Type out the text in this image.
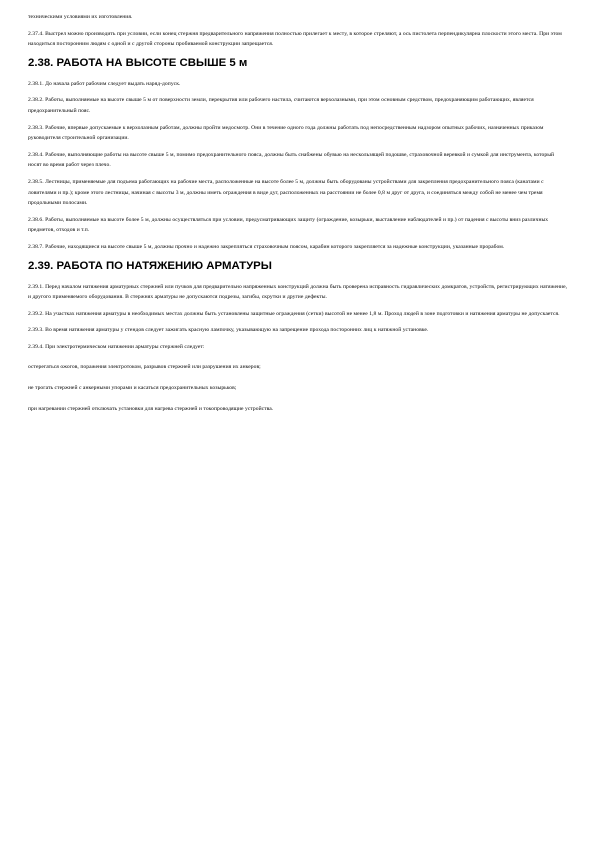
техническими условиями их изготовления.

2.37.4. Выстрел можно производить при условии, если конец стержня предварительного напряжения полностью прилегает к месту, в которое стреляют, а ось пистолета перпендикулярна плоскости этого места. При этом находиться посторонним людям с одной и с другой стороны пробиваемой конструкции запрещается.

2.38. РАБОТА НА ВЫСОТЕ СВЫШЕ 5 м

2.38.1. До начала работ рабочим следует выдать наряд-допуск.

2.38.2. Работы, выполняемые на высоте свыше 5 м от поверхности земли, перекрытия или рабочего настила, считаются верхолазными, при этом основным средством, предохраняющим работающих, является предохранительный пояс.

2.38.3. Рабочие, впервые допускаемые к верхолазным работам, должны пройти медосмотр. Они в течение одного года должны работать под непосредственным надзором опытных рабочих, назначенных приказом руководителя строительной организации.

2.38.4. Рабочие, выполняющие работы на высоте свыше 5 м, помимо предохранительного пояса, должны быть снабжены обувью на нескользящей подошве, страховочной веревкой и сумкой для инструмента, который носят во время работ через плечо.

2.38.5. Лестницы, применяемые для подъема работающих на рабочие места, расположенные на высоте более 5 м, должны быть оборудованы устройствами для закрепления предохранительного пояса (канатами с ловителями и пр.); кроме этого лестницы, начиная с высоты 3 м, должны иметь ограждения в виде дуг, расположенных на расстоянии не более 0,8 м друг от друга, и соединяться между собой не менее чем тремя продольными полосами.

2.38.6. Работы, выполняемые на высоте более 5 м, должны осуществляться при условии, предусматривающих защиту (ограждение, козырьки, выставление наблюдателей и пр.) от падения с высоты вниз различных предметов, отходов и т.п.

2.38.7. Рабочие, находящиеся на высоте свыше 5 м, должны прочно и надежно закрепляться страховочным поясом, карабин которого закрепляется за надежные конструкции, указанные прорабом.

2.39. РАБОТА ПО НАТЯЖЕНИЮ АРМАТУРЫ

2.39.1. Перед началом натяжения арматурных стержней или пучков для предварительно напряженных конструкций должна быть проверена исправность гидравлических домкратов, устройств, регистрирующих натяжение, и другого применяемого оборудования. В стержнях арматуры не допускаются подрезы, загибы, скрутки и другие дефекты.

2.39.2. На участках натяжения арматуры в необходимых местах должны быть установлены защитные ограждения (сетки) высотой не менее 1,8 м. Проход людей в зоне подготовки и натяжения арматуры не допускается.

2.39.3. Во время натяжения арматуры у стендов следует зажигать красную лампочку, указывающую на запрещение прохода посторонних лиц к натяжной установке.

2.39.4. При электротермическом натяжении арматуры стержней следует:

остерегаться ожогов, поражения электротоком, разрывов стержней или разрушения их анкеров;

не трогать стержней с анкерными упорами и касаться предохранительных козырьков;

при нагревании стержней отключать установки для нагрева стержней и токопроводящие устройства.
